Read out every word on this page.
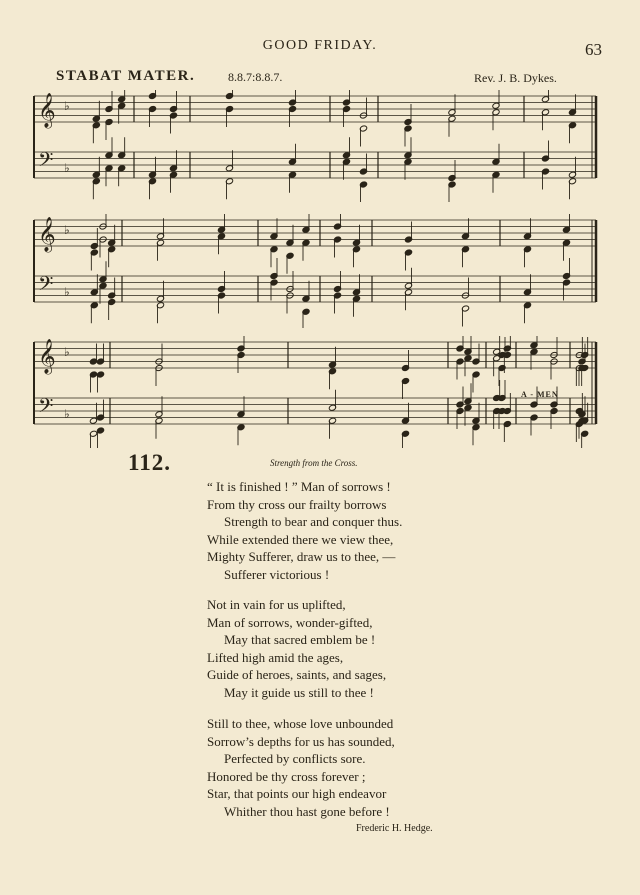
GOOD FRIDAY.	63
STABAT MATER.	8.8.7:8.8.7.	Rev. J. B. Dykes.
𝄞 ♭
𝄢 ♭
𝄞 ♭
𝄢 ♭
𝄞 ♭
𝄢 ♭
A - MEN
112.	Strength from the Cross.
“ It is finished ! ” Man of sorrows !
From thy cross our frailty borrows
Strength to bear and conquer thus.
While extended there we view thee,
Mighty Sufferer, draw us to thee, —
Sufferer victorious !
Not in vain for us uplifted,
Man of sorrows, wonder-gifted,
May that sacred emblem be !
Lifted high amid the ages,
Guide of heroes, saints, and sages,
May it guide us still to thee !
Still to thee, whose love unbounded
Sorrow’s depths for us has sounded,
Perfected by conflicts sore.
Honored be thy cross forever ;
Star, that points our high endeavor
Whither thou hast gone before !
Frederic H. Hedge.
